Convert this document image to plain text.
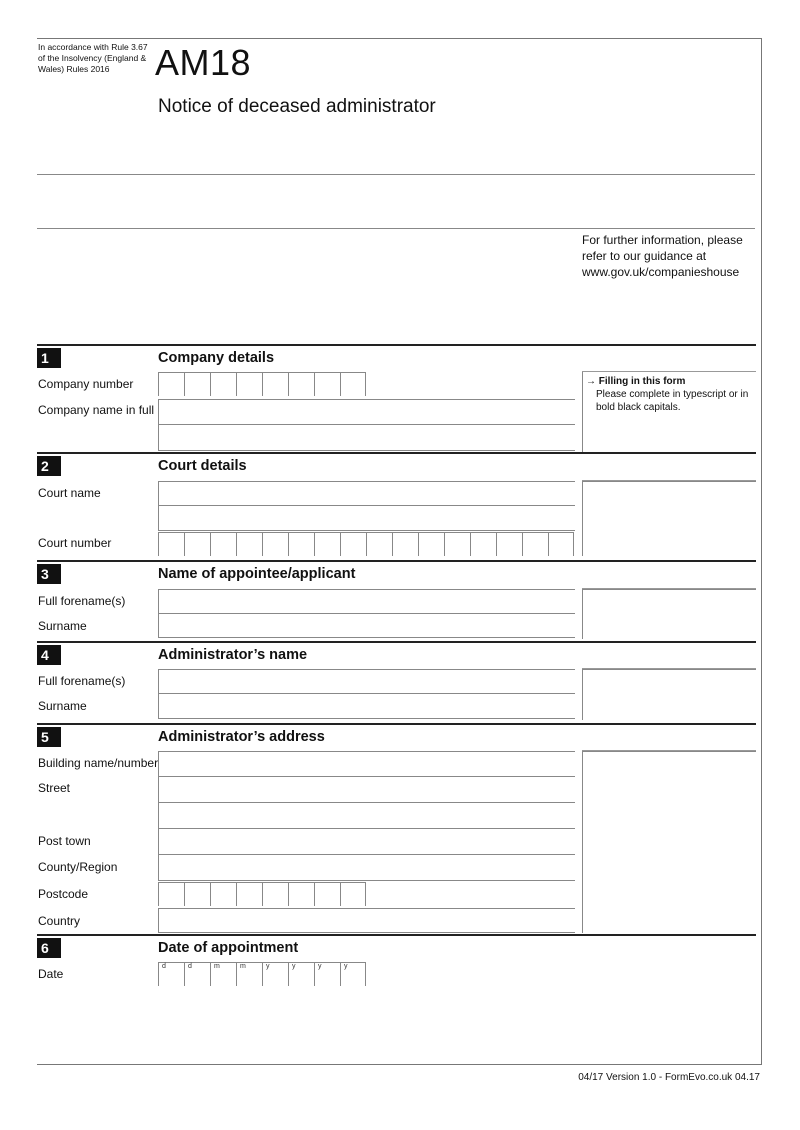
In accordance with Rule 3.67 of the Insolvency (England & Wales) Rules 2016	AM18
Notice of deceased administrator
For further information, please refer to our guidance at www.gov.uk/companieshouse
1	Company details
Company number
Company name in full
→ Filling in this form
Please complete in typescript or in bold black capitals.
2	Court details
Court name
Court number
3	Name of appointee/applicant
Full forename(s)
Surname
4	Administrator’s name
Full forename(s)
Surname
5	Administrator’s address
Building name/number
Street
Post town
County/Region
Postcode
Country
6	Date of appointment
Date
d	d	m	m	y	y	y	y
04/17 Version 1.0 - FormEvo.co.uk 04.17
